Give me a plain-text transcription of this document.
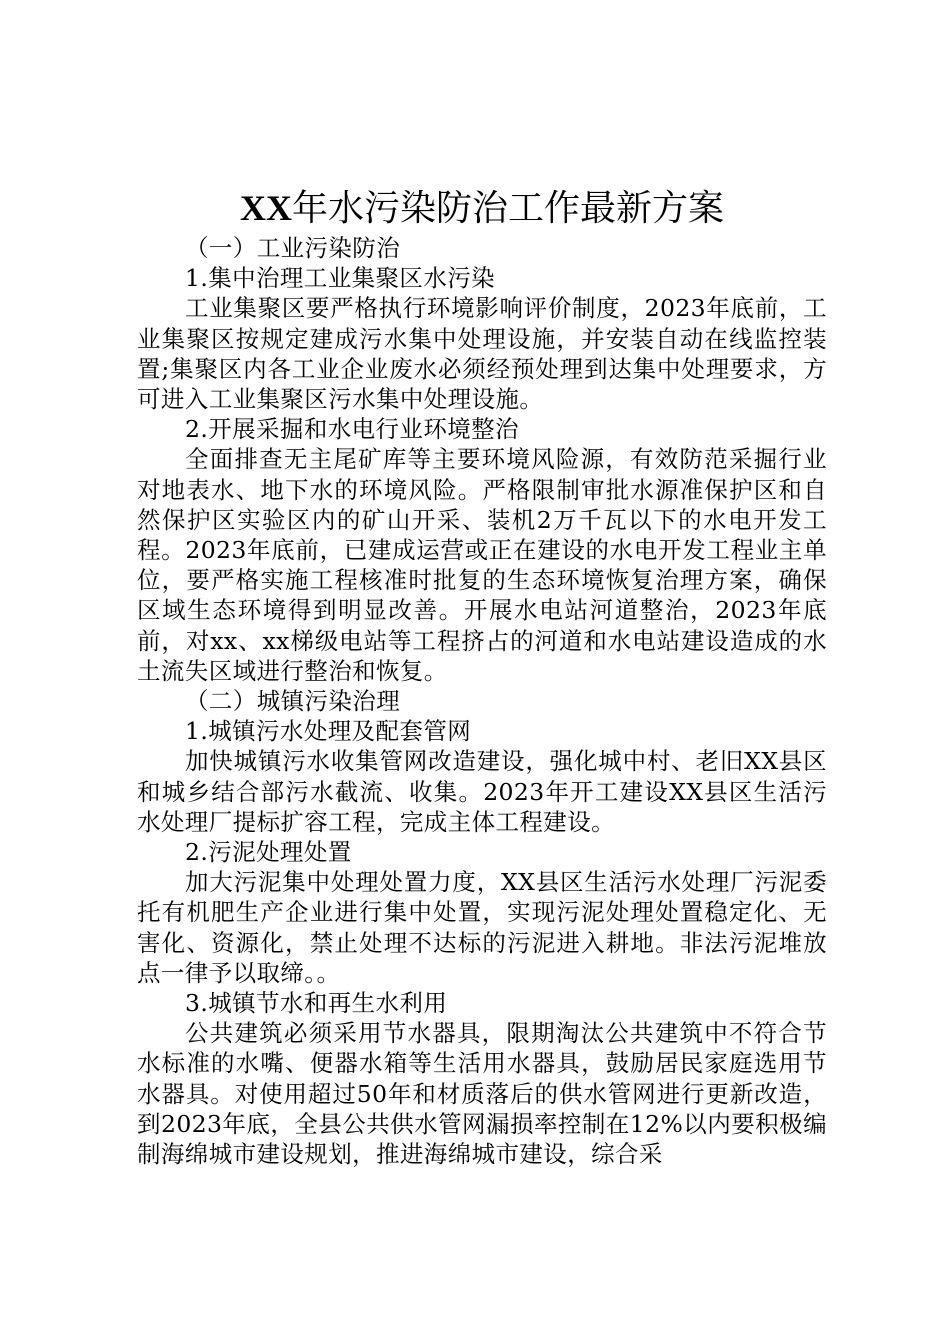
XX年水污染防治工作最新方案

（一）工业污染防治

1.集中治理工业集聚区水污染

工业集聚区要严格执行环境影响评价制度，2023年底前，工业集聚区按规定建成污水集中处理设施，并安装自动在线监控装置;集聚区内各工业企业废水必须经预处理到达集中处理要求，方可进入工业集聚区污水集中处理设施。

2.开展采掘和水电行业环境整治

全面排查无主尾矿库等主要环境风险源，有效防范采掘行业对地表水、地下水的环境风险。严格限制审批水源准保护区和自然保护区实验区内的矿山开采、装机2万千瓦以下的水电开发工程。2023年底前，已建成运营或正在建设的水电开发工程业主单位，要严格实施工程核准时批复的生态环境恢复治理方案，确保区域生态环境得到明显改善。开展水电站河道整治，2023年底前，对xx、xx梯级电站等工程挤占的河道和水电站建设造成的水土流失区域进行整治和恢复。

（二）城镇污染治理

1.城镇污水处理及配套管网

加快城镇污水收集管网改造建设，强化城中村、老旧XX县区和城乡结合部污水截流、收集。2023年开工建设XX县区生活污水处理厂提标扩容工程，完成主体工程建设。

2.污泥处理处置

加大污泥集中处理处置力度，XX县区生活污水处理厂污泥委托有机肥生产企业进行集中处置，实现污泥处理处置稳定化、无害化、资源化，禁止处理不达标的污泥进入耕地。非法污泥堆放点一律予以取缔。。

3.城镇节水和再生水利用

公共建筑必须采用节水器具，限期淘汰公共建筑中不符合节水标准的水嘴、便器水箱等生活用水器具，鼓励居民家庭选用节水器具。对使用超过50年和材质落后的供水管网进行更新改造，到2023年底，全县公共供水管网漏损率控制在12%以内要积极编制海绵城市建设规划，推进海绵城市建设，综合采
